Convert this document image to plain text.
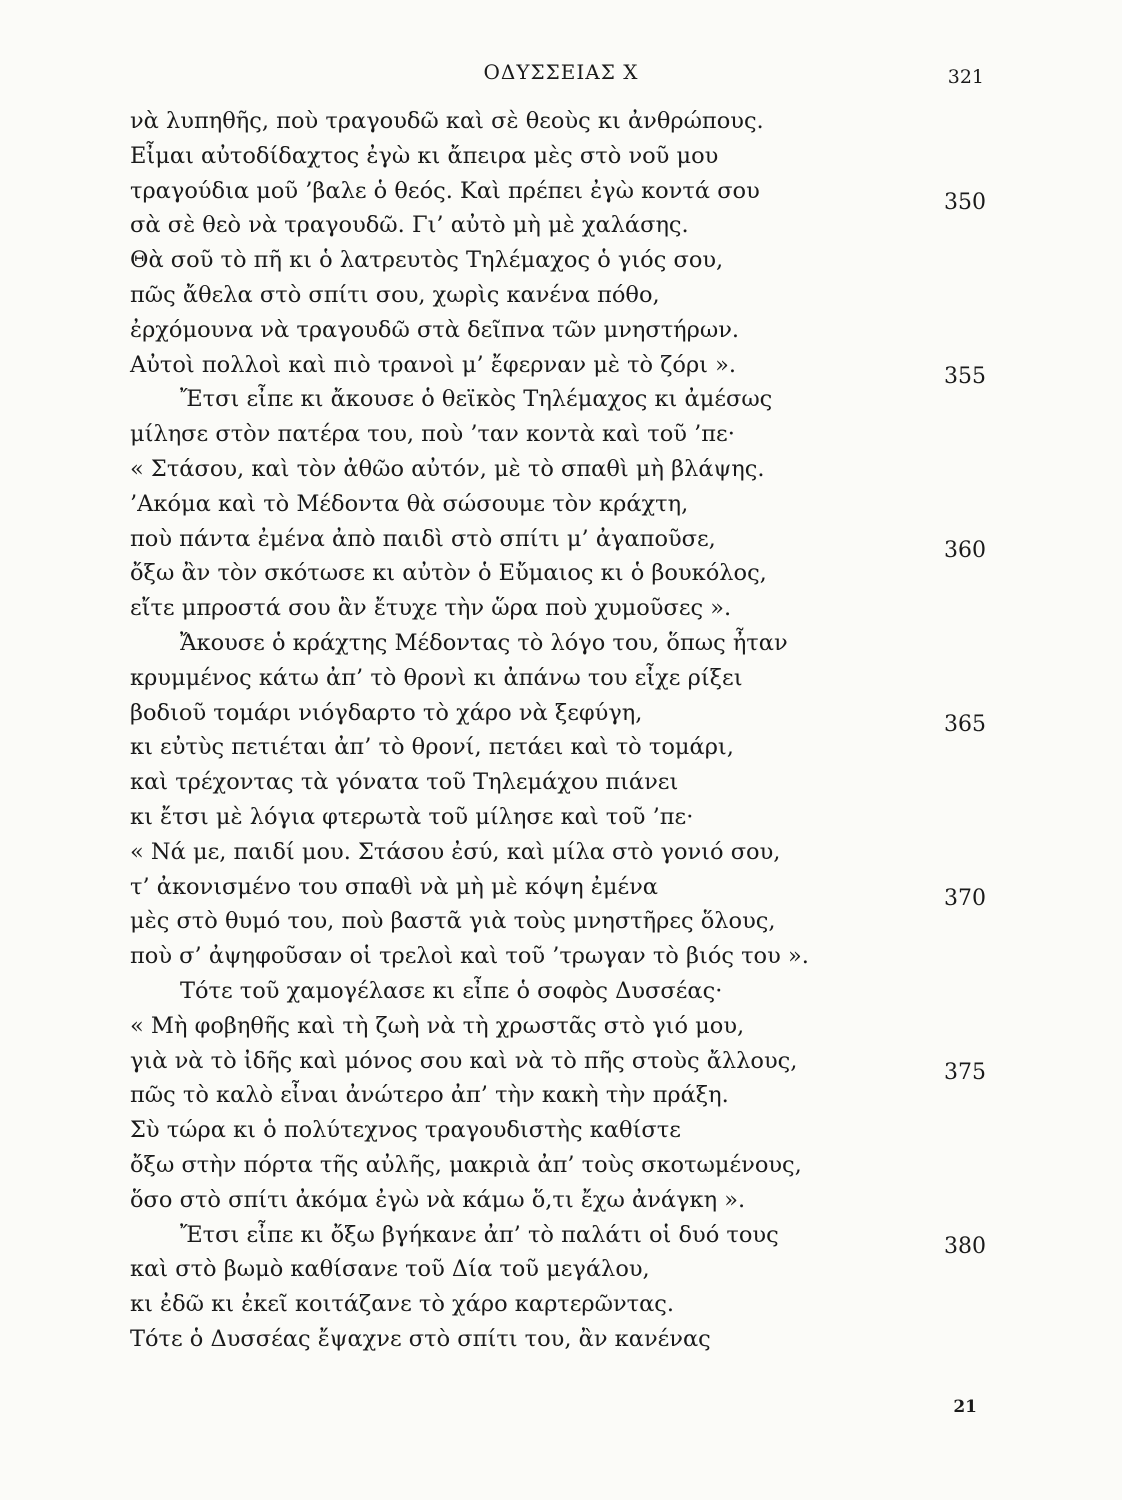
ΟΔΥΣΣΕΙΑΣ Χ	321
νὰ λυπηθῆς, ποὺ τραγουδῶ καὶ σὲ θεοὺς κι ἀνθρώπους.
Εἶμαι αὐτοδίδαχτος ἐγὼ κι ἄπειρα μὲς στὸ νοῦ μου
τραγούδια μοῦ ’βαλε ὁ θεός. Καὶ πρέπει ἐγὼ κοντά σου	350
σὰ σὲ θεὸ νὰ τραγουδῶ. Γι’ αὐτὸ μὴ μὲ χαλάσης.
Θὰ σοῦ τὸ πῆ κι ὁ λατρευτὸς Τηλέμαχος ὁ γιός σου,
πῶς ἄθελα στὸ σπίτι σου, χωρὶς κανένα πόθο,
ἐρχόμουνα νὰ τραγουδῶ στὰ δεῖπνα τῶν μνηστήρων.
Αὐτοὶ πολλοὶ καὶ πιὸ τρανοὶ μ’ ἔφερναν μὲ τὸ ζόρι ».	355
Ἔτσι εἶπε κι ἄκουσε ὁ θεϊκὸς Τηλέμαχος κι ἀμέσως
μίλησε στὸν πατέρα του, ποὺ ’ταν κοντὰ καὶ τοῦ ’πε·
« Στάσου, καὶ τὸν ἀθῶο αὐτόν, μὲ τὸ σπαθὶ μὴ βλάψης.
’Ακόμα καὶ τὸ Μέδοντα θὰ σώσουμε τὸν κράχτη,
ποὺ πάντα ἐμένα ἀπὸ παιδὶ στὸ σπίτι μ’ ἀγαποῦσε,	360
ὄξω ἂν τὸν σκότωσε κι αὐτὸν ὁ Εὔμαιος κι ὁ βουκόλος,
εἴτε μπροστά σου ἂν ἔτυχε τὴν ὥρα ποὺ χυμοῦσες ».
Ἄκουσε ὁ κράχτης Μέδοντας τὸ λόγο του, ὅπως ἦταν
κρυμμένος κάτω ἀπ’ τὸ θρονὶ κι ἀπάνω του εἶχε ρίξει
βοδιοῦ τομάρι νιόγδαρτο τὸ χάρο νὰ ξεφύγη,	365
κι εὐτὺς πετιέται ἀπ’ τὸ θρονί, πετάει καὶ τὸ τομάρι,
καὶ τρέχοντας τὰ γόνατα τοῦ Τηλεμάχου πιάνει
κι ἔτσι μὲ λόγια φτερωτὰ τοῦ μίλησε καὶ τοῦ ’πε·
« Νά με, παιδί μου. Στάσου ἐσύ, καὶ μίλα στὸ γονιό σου,
τ’ ἀκονισμένο του σπαθὶ νὰ μὴ μὲ κόψη ἐμένα	370
μὲς στὸ θυμό του, ποὺ βαστᾶ γιὰ τοὺς μνηστῆρες ὅλους,
ποὺ σ’ ἀψηφοῦσαν οἱ τρελοὶ καὶ τοῦ ’τρωγαν τὸ βιός του ».
Τότε τοῦ χαμογέλασε κι εἶπε ὁ σοφὸς Δυσσέας·
« Μὴ φοβηθῆς καὶ τὴ ζωὴ νὰ τὴ χρωστᾶς στὸ γιό μου,
γιὰ νὰ τὸ ἰδῆς καὶ μόνος σου καὶ νὰ τὸ πῆς στοὺς ἄλλους,	375
πῶς τὸ καλὸ εἶναι ἀνώτερο ἀπ’ τὴν κακὴ τὴν πράξη.
Σὺ τώρα κι ὁ πολύτεχνος τραγουδιστὴς καθίστε
ὄξω στὴν πόρτα τῆς αὐλῆς, μακριὰ ἀπ’ τοὺς σκοτωμένους,
ὅσο στὸ σπίτι ἀκόμα ἐγὼ νὰ κάμω ὅ,τι ἔχω ἀνάγκη ».
Ἔτσι εἶπε κι ὄξω βγήκανε ἀπ’ τὸ παλάτι οἱ δυό τους	380
καὶ στὸ βωμὸ καθίσανε τοῦ Δία τοῦ μεγάλου,
κι ἐδῶ κι ἐκεῖ κοιτάζανε τὸ χάρο καρτερῶντας.
Τότε ὁ Δυσσέας ἔψαχνε στὸ σπίτι του, ἂν κανένας
21
